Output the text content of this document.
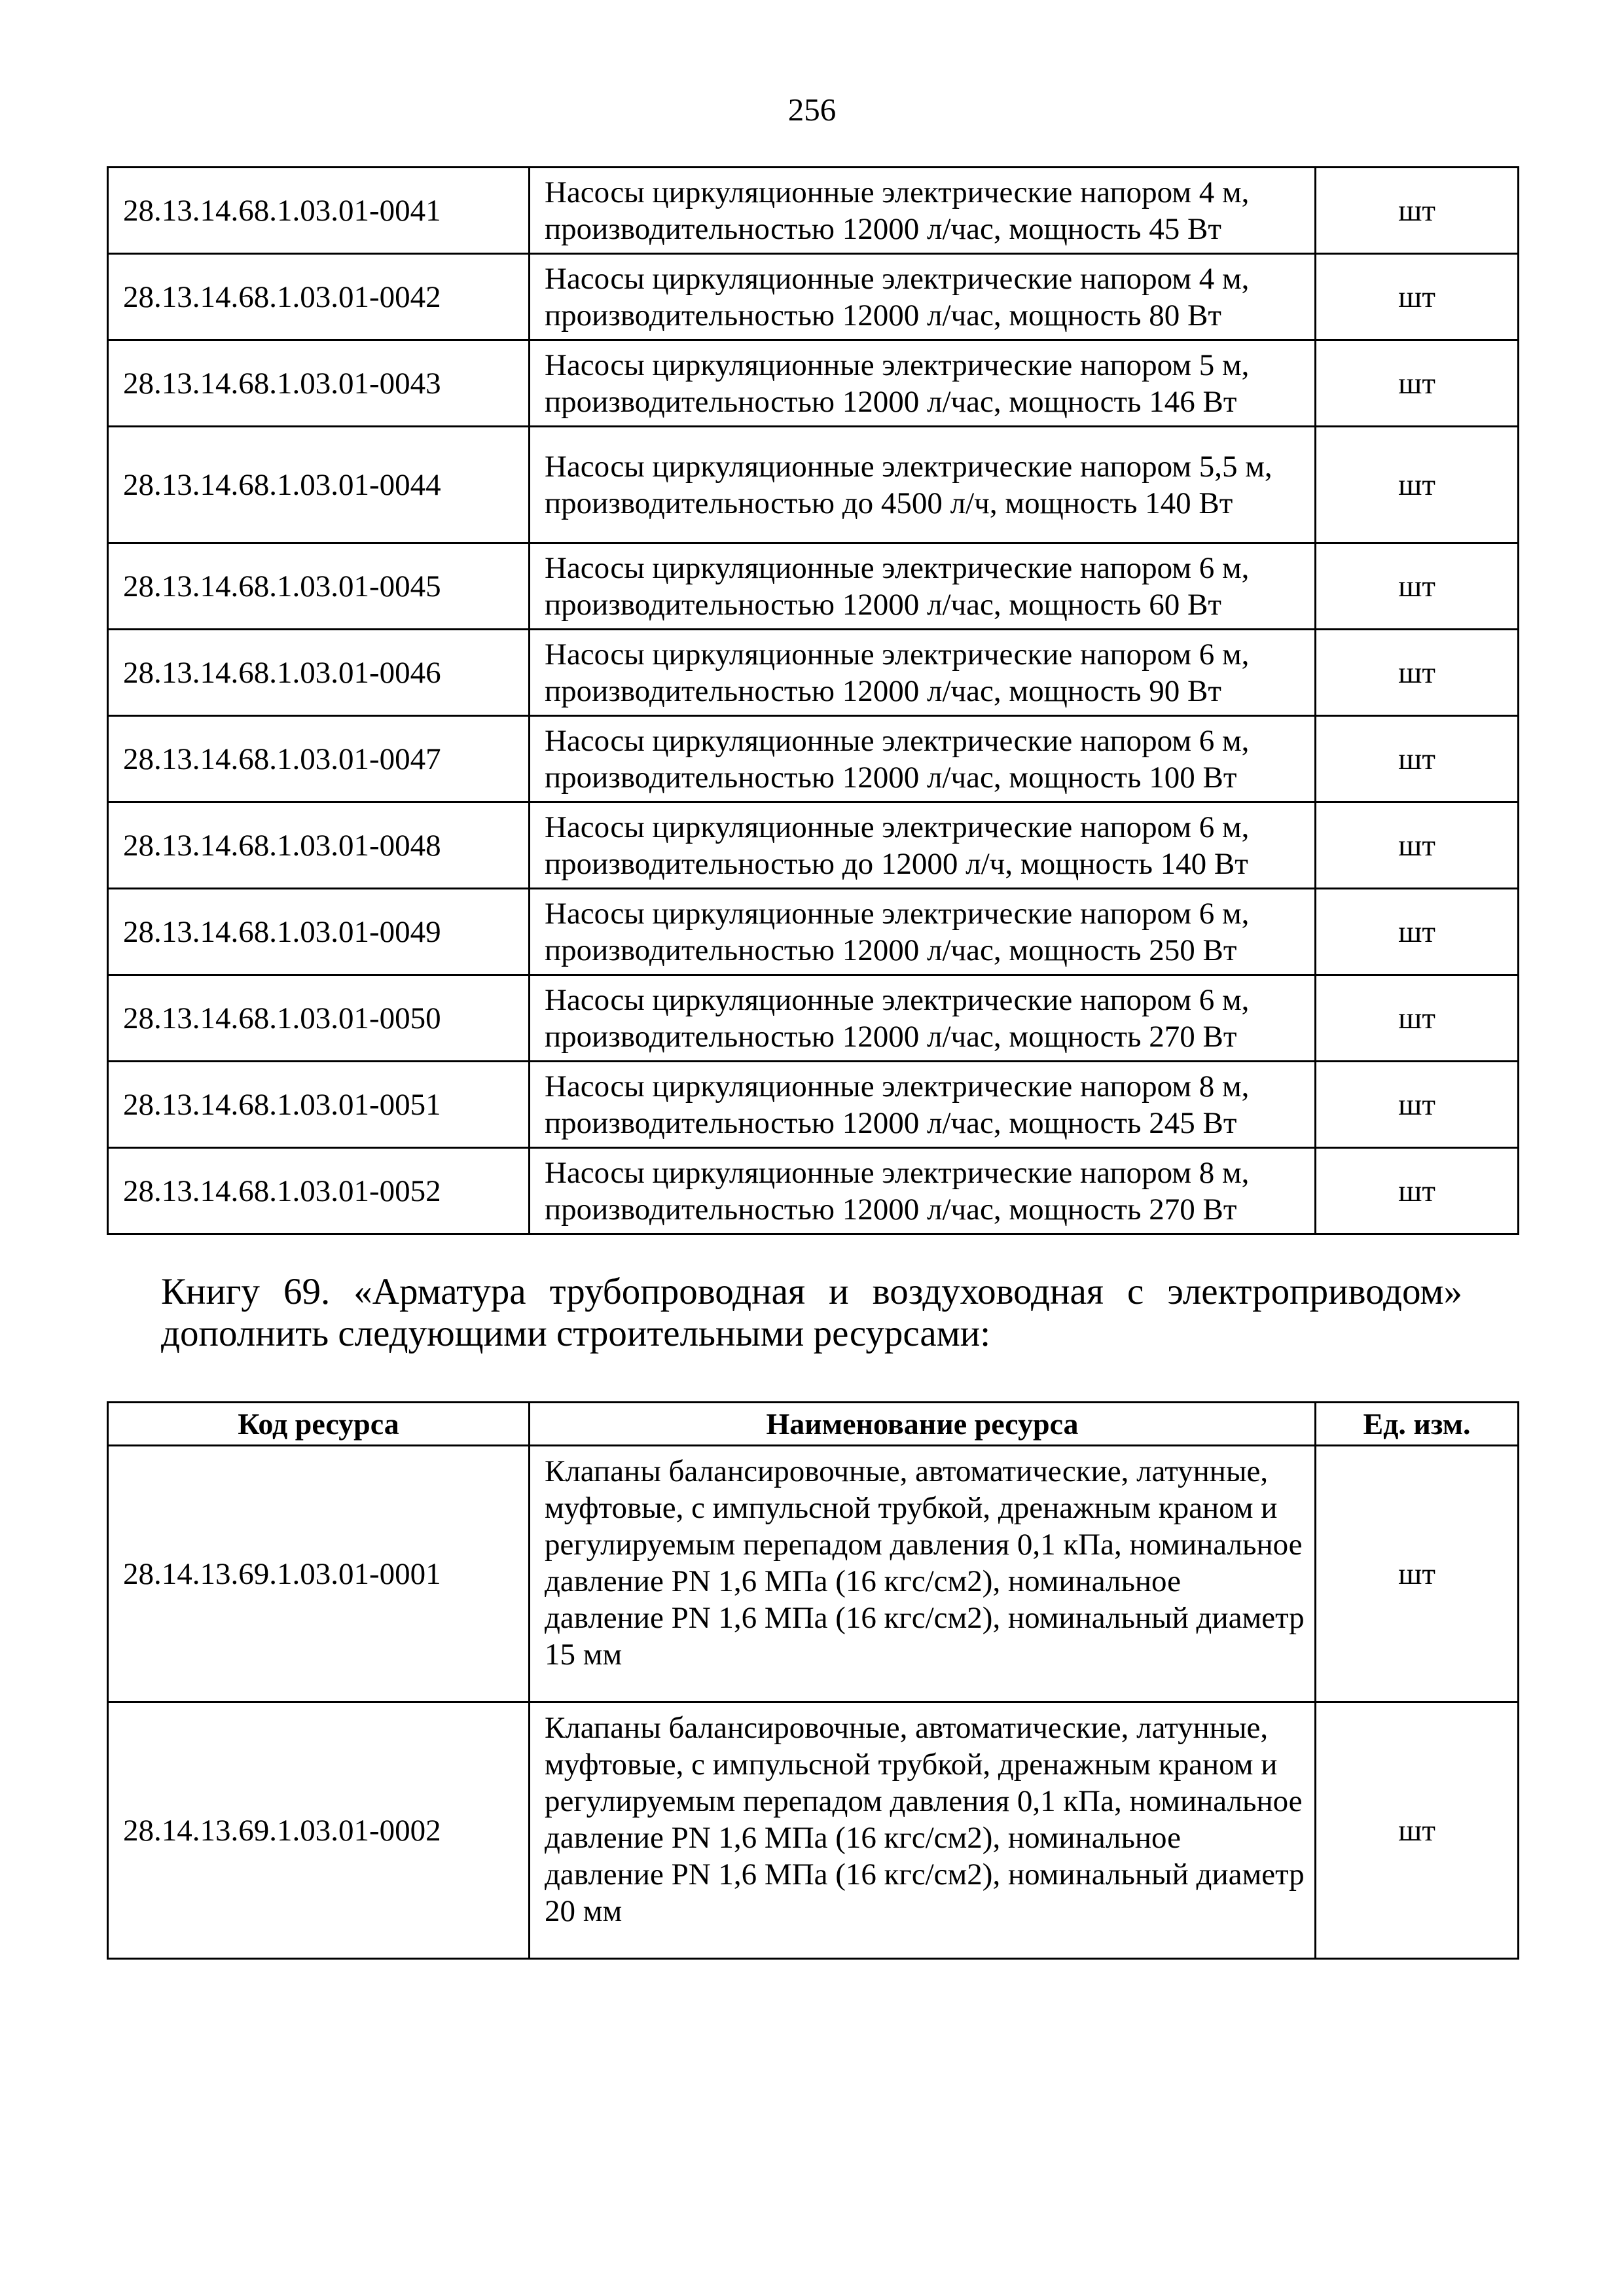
256
28.13.14.68.1.03.01-0041	Насосы циркуляционные электрические напором 4 м, производительностью 12000 л/час, мощность 45 Вт	шт
28.13.14.68.1.03.01-0042	Насосы циркуляционные электрические напором 4 м, производительностью 12000 л/час, мощность 80 Вт	шт
28.13.14.68.1.03.01-0043	Насосы циркуляционные электрические напором 5 м, производительностью 12000 л/час, мощность 146 Вт	шт
28.13.14.68.1.03.01-0044	Насосы циркуляционные электрические напором 5,5 м, производительностью до 4500 л/ч, мощность 140 Вт	шт
28.13.14.68.1.03.01-0045	Насосы циркуляционные электрические напором 6 м, производительностью 12000 л/час, мощность 60 Вт	шт
28.13.14.68.1.03.01-0046	Насосы циркуляционные электрические напором 6 м, производительностью 12000 л/час, мощность 90 Вт	шт
28.13.14.68.1.03.01-0047	Насосы циркуляционные электрические напором 6 м, производительностью 12000 л/час, мощность 100 Вт	шт
28.13.14.68.1.03.01-0048	Насосы циркуляционные электрические напором 6 м, производительностью до 12000 л/ч, мощность 140 Вт	шт
28.13.14.68.1.03.01-0049	Насосы циркуляционные электрические напором 6 м, производительностью 12000 л/час, мощность 250 Вт	шт
28.13.14.68.1.03.01-0050	Насосы циркуляционные электрические напором 6 м, производительностью 12000 л/час, мощность 270 Вт	шт
28.13.14.68.1.03.01-0051	Насосы циркуляционные электрические напором 8 м, производительностью 12000 л/час, мощность 245 Вт	шт
28.13.14.68.1.03.01-0052	Насосы циркуляционные электрические напором 8 м, производительностью 12000 л/час, мощность 270 Вт	шт

Книгу 69. «Арматура трубопроводная и воздуховодная с электроприводом» дополнить следующими строительными ресурсами:

Код ресурса	Наименование ресурса	Ед. изм.
28.14.13.69.1.03.01-0001	Клапаны балансировочные, автоматические, латунные, муфтовые, с импульсной трубкой, дренажным краном и регулируемым перепадом давления 0,1 кПа, номинальное давление PN 1,6 МПа (16 кгс/см2), номинальное давление PN 1,6 МПа (16 кгс/см2), номинальный диаметр 15 мм	шт
28.14.13.69.1.03.01-0002	Клапаны балансировочные, автоматические, латунные, муфтовые, с импульсной трубкой, дренажным краном и регулируемым перепадом давления 0,1 кПа, номинальное давление PN 1,6 МПа (16 кгс/см2), номинальное давление PN 1,6 МПа (16 кгс/см2), номинальный диаметр 20 мм	шт
